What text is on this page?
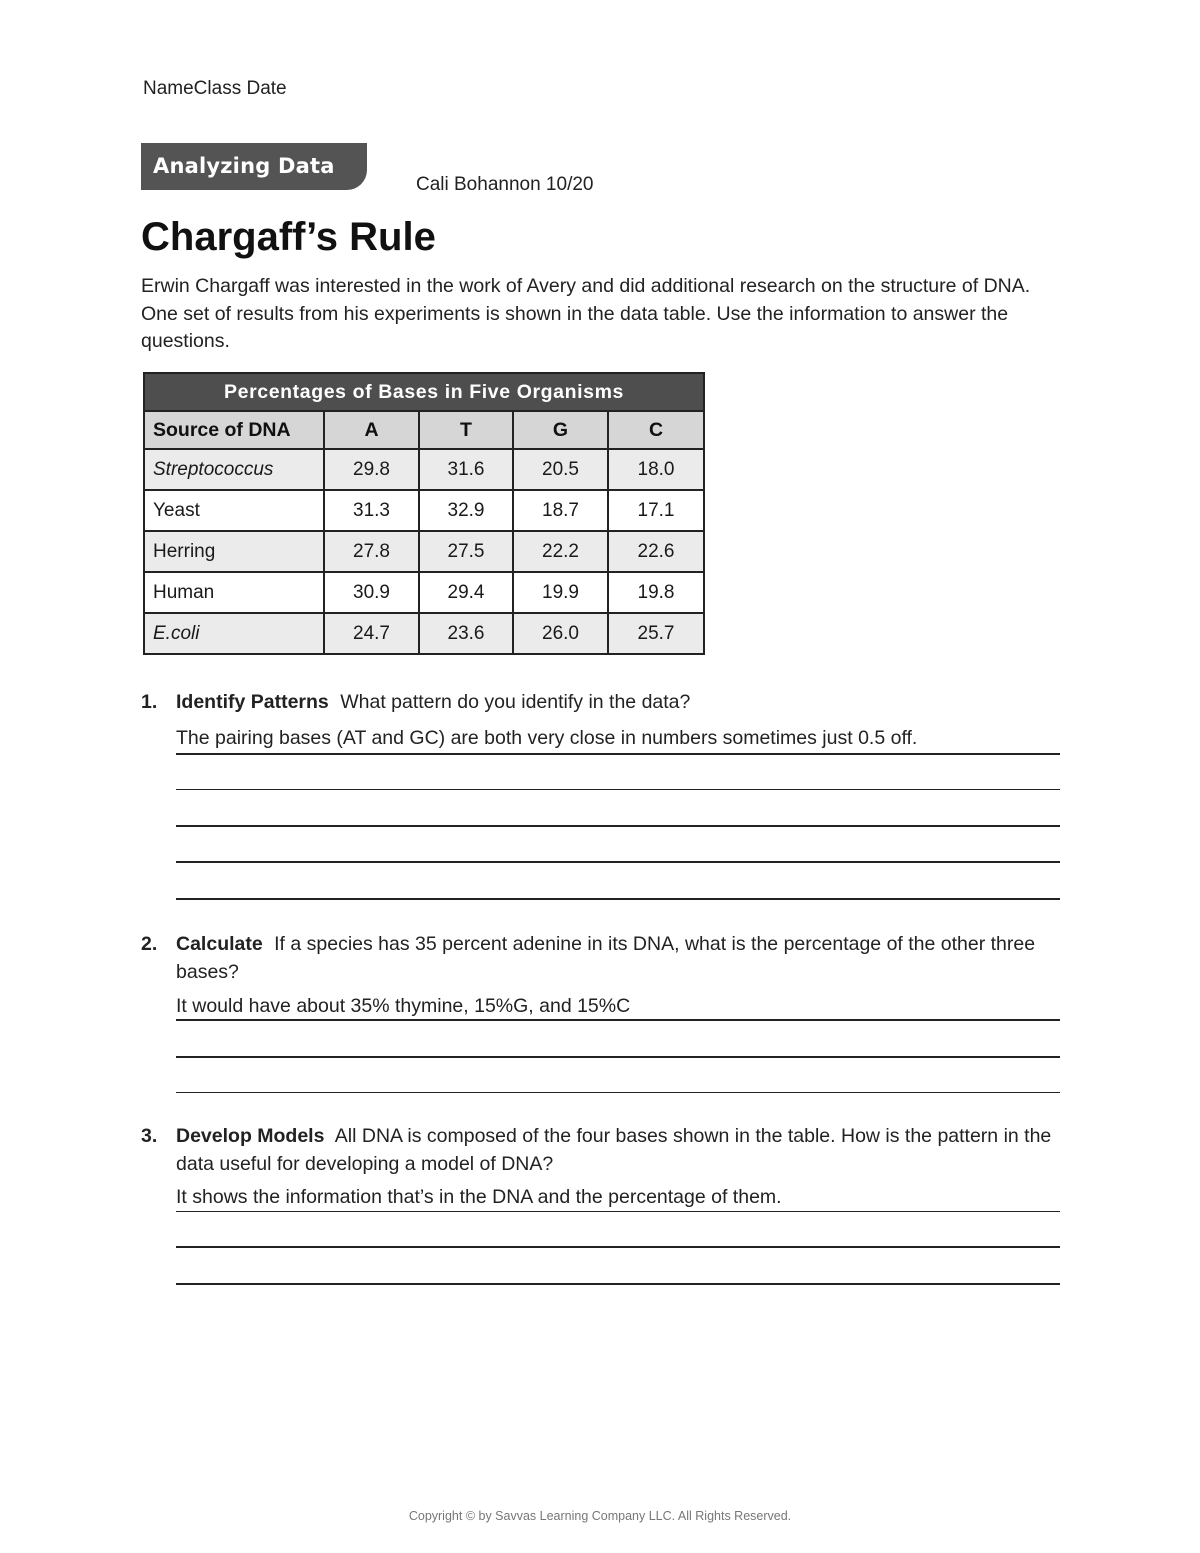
NameClass Date
Analyzing Data
Cali Bohannon 10/20
Chargaff’s Rule
Erwin Chargaff was interested in the work of Avery and did additional research on the structure of DNA. One set of results from his experiments is shown in the data table. Use the information to answer the questions.
Percentages of Bases in Five Organisms				
Source of DNA	A	T	G	C
Streptococcus	29.8	31.6	20.5	18.0
Yeast	31.3	32.9	18.7	17.1
Herring	27.8	27.5	22.2	22.6
Human	30.9	29.4	19.9	19.8
E.coli	24.7	23.6	26.0	25.7
1. Identify Patterns What pattern do you identify in the data?
The pairing bases (AT and GC) are both very close in numbers sometimes just 0.5 off.
2. Calculate If a species has 35 percent adenine in its DNA, what is the percentage of the other three bases?
It would have about 35% thymine, 15%G, and 15%C
3. Develop Models All DNA is composed of the four bases shown in the table. How is the pattern in the data useful for developing a model of DNA?
It shows the information that’s in the DNA and the percentage of them.
Copyright © by Savvas Learning Company LLC. All Rights Reserved.
